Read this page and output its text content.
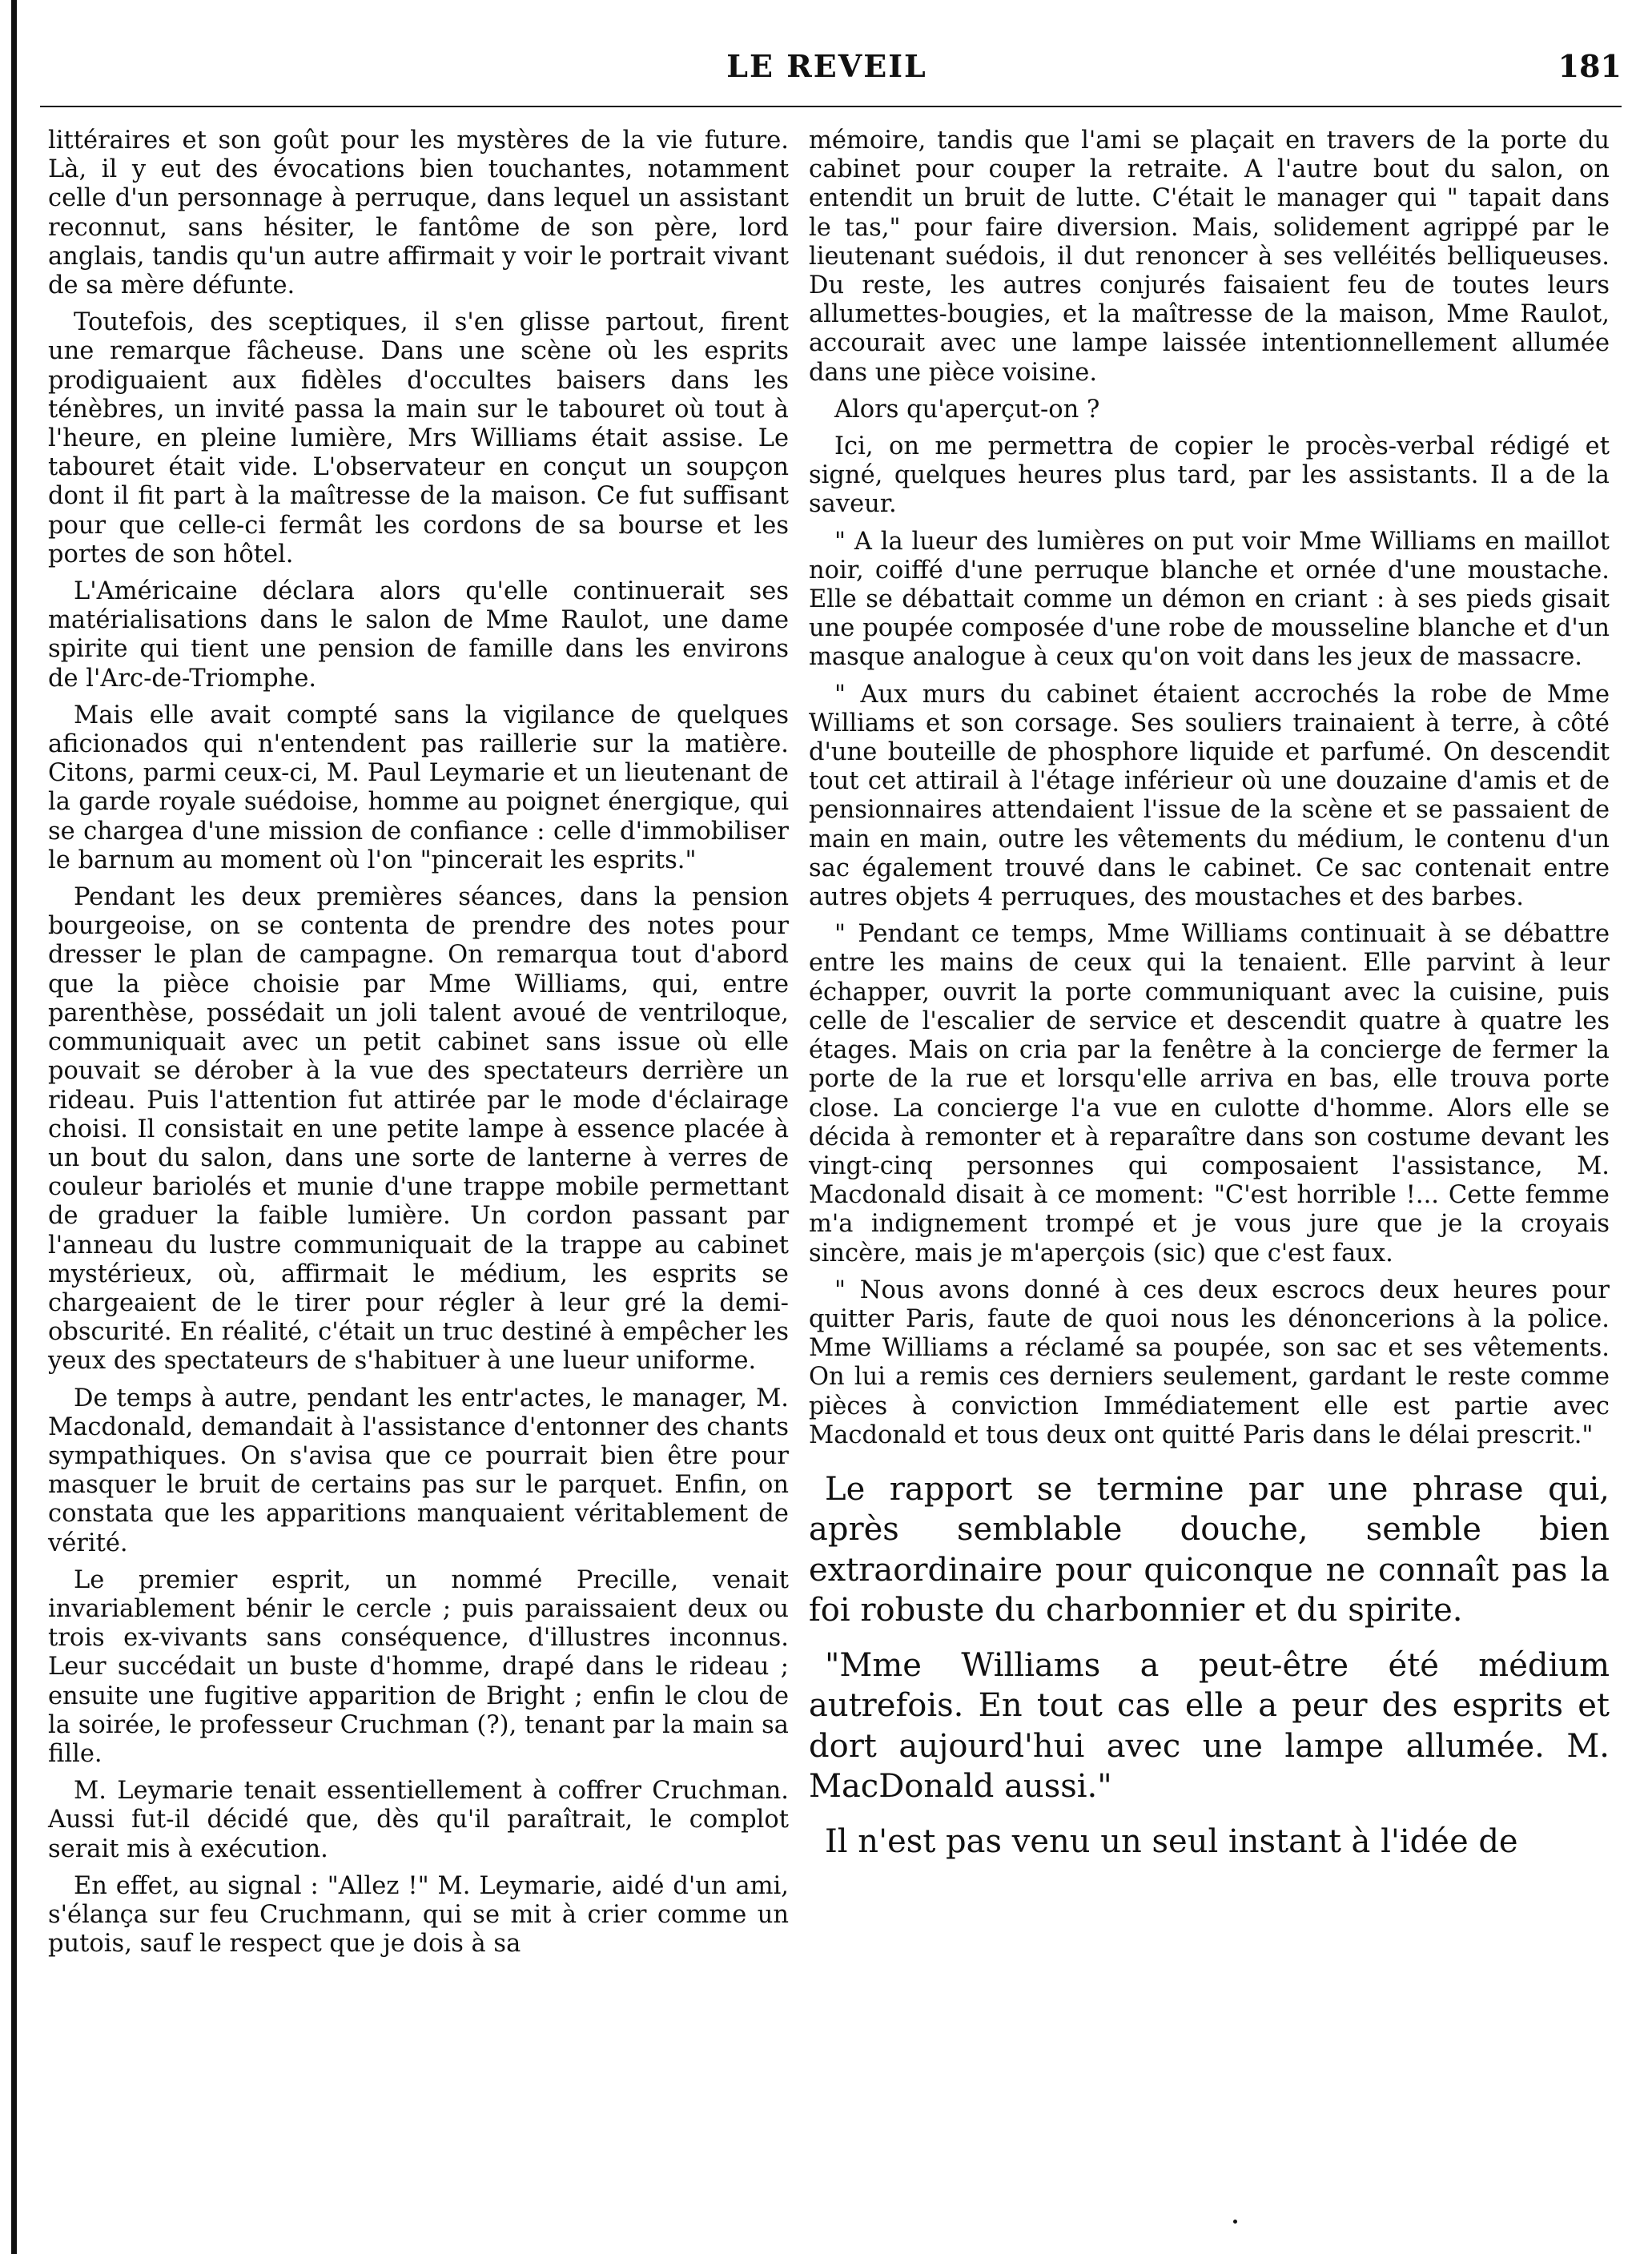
LE REVEIL	181

littéraires et son goût pour les mystères de la vie future. Là, il y eut des évocations bien touchantes, notamment celle d'un personnage à perruque, dans lequel un assistant reconnut, sans hésiter, le fantôme de son père, lord anglais, tandis qu'un autre affirmait y voir le portrait vivant de sa mère défunte.

Toutefois, des sceptiques, il s'en glisse partout, firent une remarque fâcheuse. Dans une scène où les esprits prodiguaient aux fidèles d'occultes baisers dans les ténèbres, un invité passa la main sur le tabouret où tout à l'heure, en pleine lumière, Mrs Williams était assise. Le tabouret était vide. L'observateur en conçut un soupçon dont il fit part à la maîtresse de la maison. Ce fut suffisant pour que celle-ci fermât les cordons de sa bourse et les portes de son hôtel.

L'Américaine déclara alors qu'elle continuerait ses matérialisations dans le salon de Mme Raulot, une dame spirite qui tient une pension de famille dans les environs de l'Arc-de-Triomphe.

Mais elle avait compté sans la vigilance de quelques aficionados qui n'entendent pas raillerie sur la matière. Citons, parmi ceux-ci, M. Paul Leymarie et un lieutenant de la garde royale suédoise, homme au poignet énergique, qui se chargea d'une mission de confiance : celle d'immobiliser le barnum au moment où l'on "pincerait les esprits."

Pendant les deux premières séances, dans la pension bourgeoise, on se contenta de prendre des notes pour dresser le plan de campagne. On remarqua tout d'abord que la pièce choisie par Mme Williams, qui, entre parenthèse, possédait un joli talent avoué de ventriloque, communiquait avec un petit cabinet sans issue où elle pouvait se dérober à la vue des spectateurs derrière un rideau. Puis l'attention fut attirée par le mode d'éclairage choisi. Il consistait en une petite lampe à essence placée à un bout du salon, dans une sorte de lanterne à verres de couleur bariolés et munie d'une trappe mobile permettant de graduer la faible lumière. Un cordon passant par l'anneau du lustre communiquait de la trappe au cabinet mystérieux, où, affirmait le médium, les esprits se chargeaient de le tirer pour régler à leur gré la demi-obscurité. En réalité, c'était un truc destiné à empêcher les yeux des spectateurs de s'habituer à une lueur uniforme.

De temps à autre, pendant les entr'actes, le manager, M. Macdonald, demandait à l'assistance d'entonner des chants sympathiques. On s'avisa que ce pourrait bien être pour masquer le bruit de certains pas sur le parquet. Enfin, on constata que les apparitions manquaient véritablement de vérité.

Le premier esprit, un nommé Precille, venait invariablement bénir le cercle ; puis paraissaient deux ou trois ex-vivants sans conséquence, d'illustres inconnus. Leur succédait un buste d'homme, drapé dans le rideau ; ensuite une fugitive apparition de Bright ; enfin le clou de la soirée, le professeur Cruchman (?), tenant par la main sa fille.

M. Leymarie tenait essentiellement à coffrer Cruchman. Aussi fut-il décidé que, dès qu'il paraîtrait, le complot serait mis à exécution.

En effet, au signal : "Allez !" M. Leymarie, aidé d'un ami, s'élança sur feu Cruchmann, qui se mit à crier comme un putois, sauf le respect que je dois à sa

mémoire, tandis que l'ami se plaçait en travers de la porte du cabinet pour couper la retraite. A l'autre bout du salon, on entendit un bruit de lutte. C'était le manager qui " tapait dans le tas," pour faire diversion. Mais, solidement agrippé par le lieutenant suédois, il dut renoncer à ses velléités belliqueuses. Du reste, les autres conjurés faisaient feu de toutes leurs allumettes-bougies, et la maîtresse de la maison, Mme Raulot, accourait avec une lampe laissée intentionnellement allumée dans une pièce voisine.

Alors qu'aperçut-on ?

Ici, on me permettra de copier le procès-verbal rédigé et signé, quelques heures plus tard, par les assistants. Il a de la saveur.

" A la lueur des lumières on put voir Mme Williams en maillot noir, coiffé d'une perruque blanche et ornée d'une moustache. Elle se débattait comme un démon en criant : à ses pieds gisait une poupée composée d'une robe de mousseline blanche et d'un masque analogue à ceux qu'on voit dans les jeux de massacre.

" Aux murs du cabinet étaient accrochés la robe de Mme Williams et son corsage. Ses souliers trainaient à terre, à côté d'une bouteille de phosphore liquide et parfumé. On descendit tout cet attirail à l'étage inférieur où une douzaine d'amis et de pensionnaires attendaient l'issue de la scène et se passaient de main en main, outre les vêtements du médium, le contenu d'un sac également trouvé dans le cabinet. Ce sac contenait entre autres objets 4 perruques, des moustaches et des barbes.

" Pendant ce temps, Mme Williams continuait à se débattre entre les mains de ceux qui la tenaient. Elle parvint à leur échapper, ouvrit la porte communiquant avec la cuisine, puis celle de l'escalier de service et descendit quatre à quatre les étages. Mais on cria par la fenêtre à la concierge de fermer la porte de la rue et lorsqu'elle arriva en bas, elle trouva porte close. La concierge l'a vue en culotte d'homme. Alors elle se décida à remonter et à reparaître dans son costume devant les vingt-cinq personnes qui composaient l'assistance, M. Macdonald disait à ce moment: "C'est horrible !... Cette femme m'a indignement trompé et je vous jure que je la croyais sincère, mais je m'aperçois (sic) que c'est faux.

" Nous avons donné à ces deux escrocs deux heures pour quitter Paris, faute de quoi nous les dénoncerions à la police. Mme Williams a réclamé sa poupée, son sac et ses vêtements. On lui a remis ces derniers seulement, gardant le reste comme pièces à conviction Immédiatement elle est partie avec Macdonald et tous deux ont quitté Paris dans le délai prescrit."

Le rapport se termine par une phrase qui, après semblable douche, semble bien extraordinaire pour quiconque ne connaît pas la foi robuste du charbonnier et du spirite.

"Mme Williams a peut-être été médium autrefois. En tout cas elle a peur des esprits et dort aujourd'hui avec une lampe allumée. M. MacDonald aussi."

Il n'est pas venu un seul instant à l'idée de
